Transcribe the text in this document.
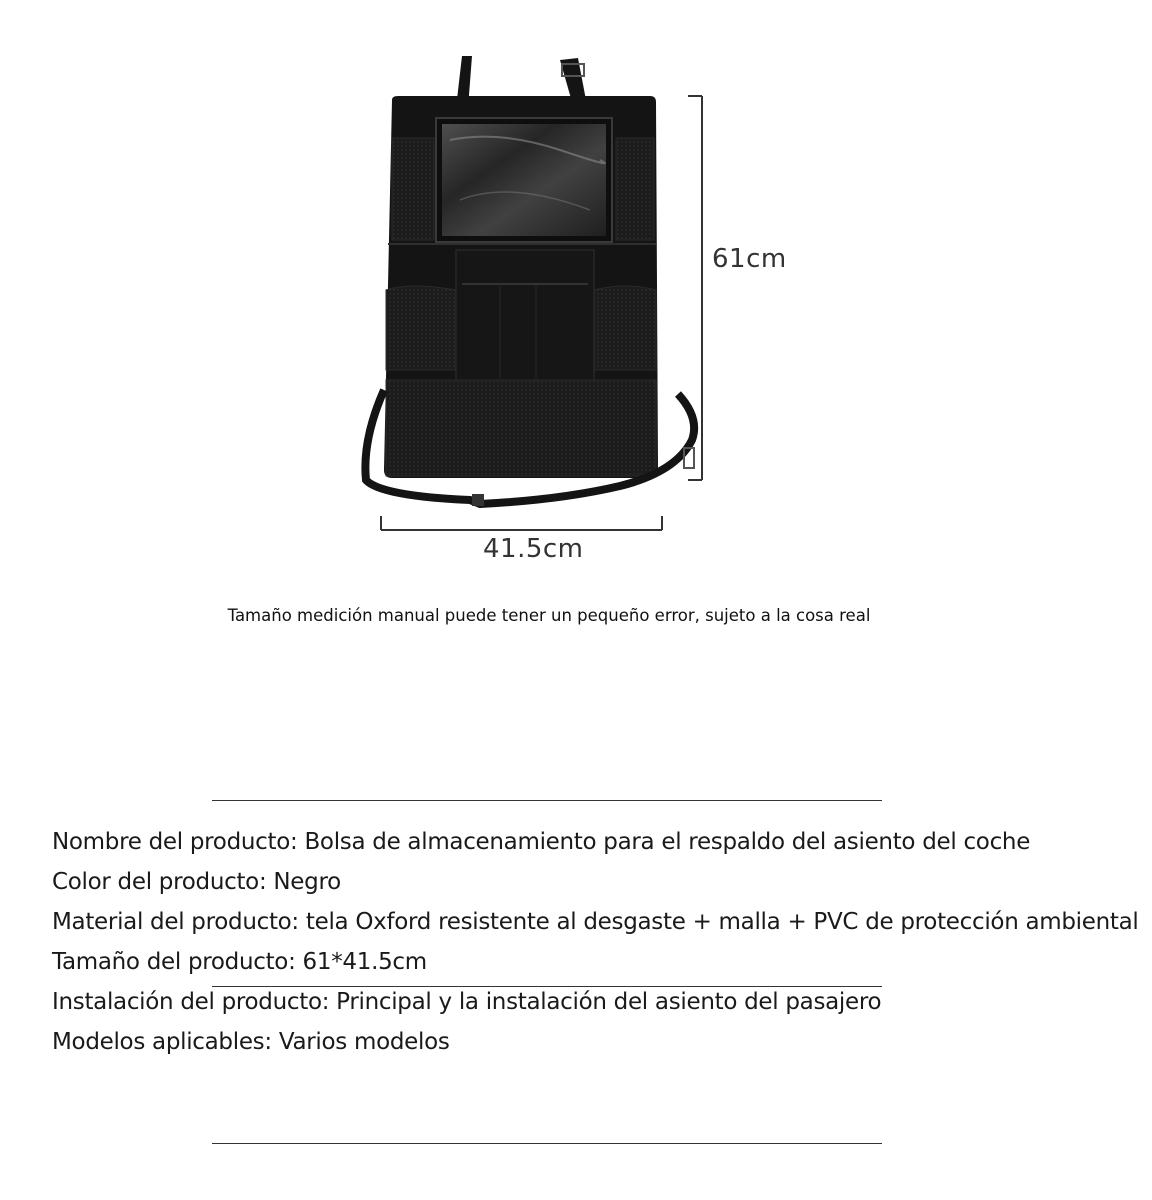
61cm
41.5cm
Tamaño medición manual puede tener un pequeño error, sujeto a la cosa real
Nombre del producto: Bolsa de almacenamiento para el respaldo del asiento del coche
Color del producto: Negro
Material del producto: tela Oxford resistente al desgaste + malla + PVC de protección ambiental
Tamaño del producto: 61*41.5cm
Instalación del producto: Principal y la instalación del asiento del pasajero
Modelos aplicables: Varios modelos
